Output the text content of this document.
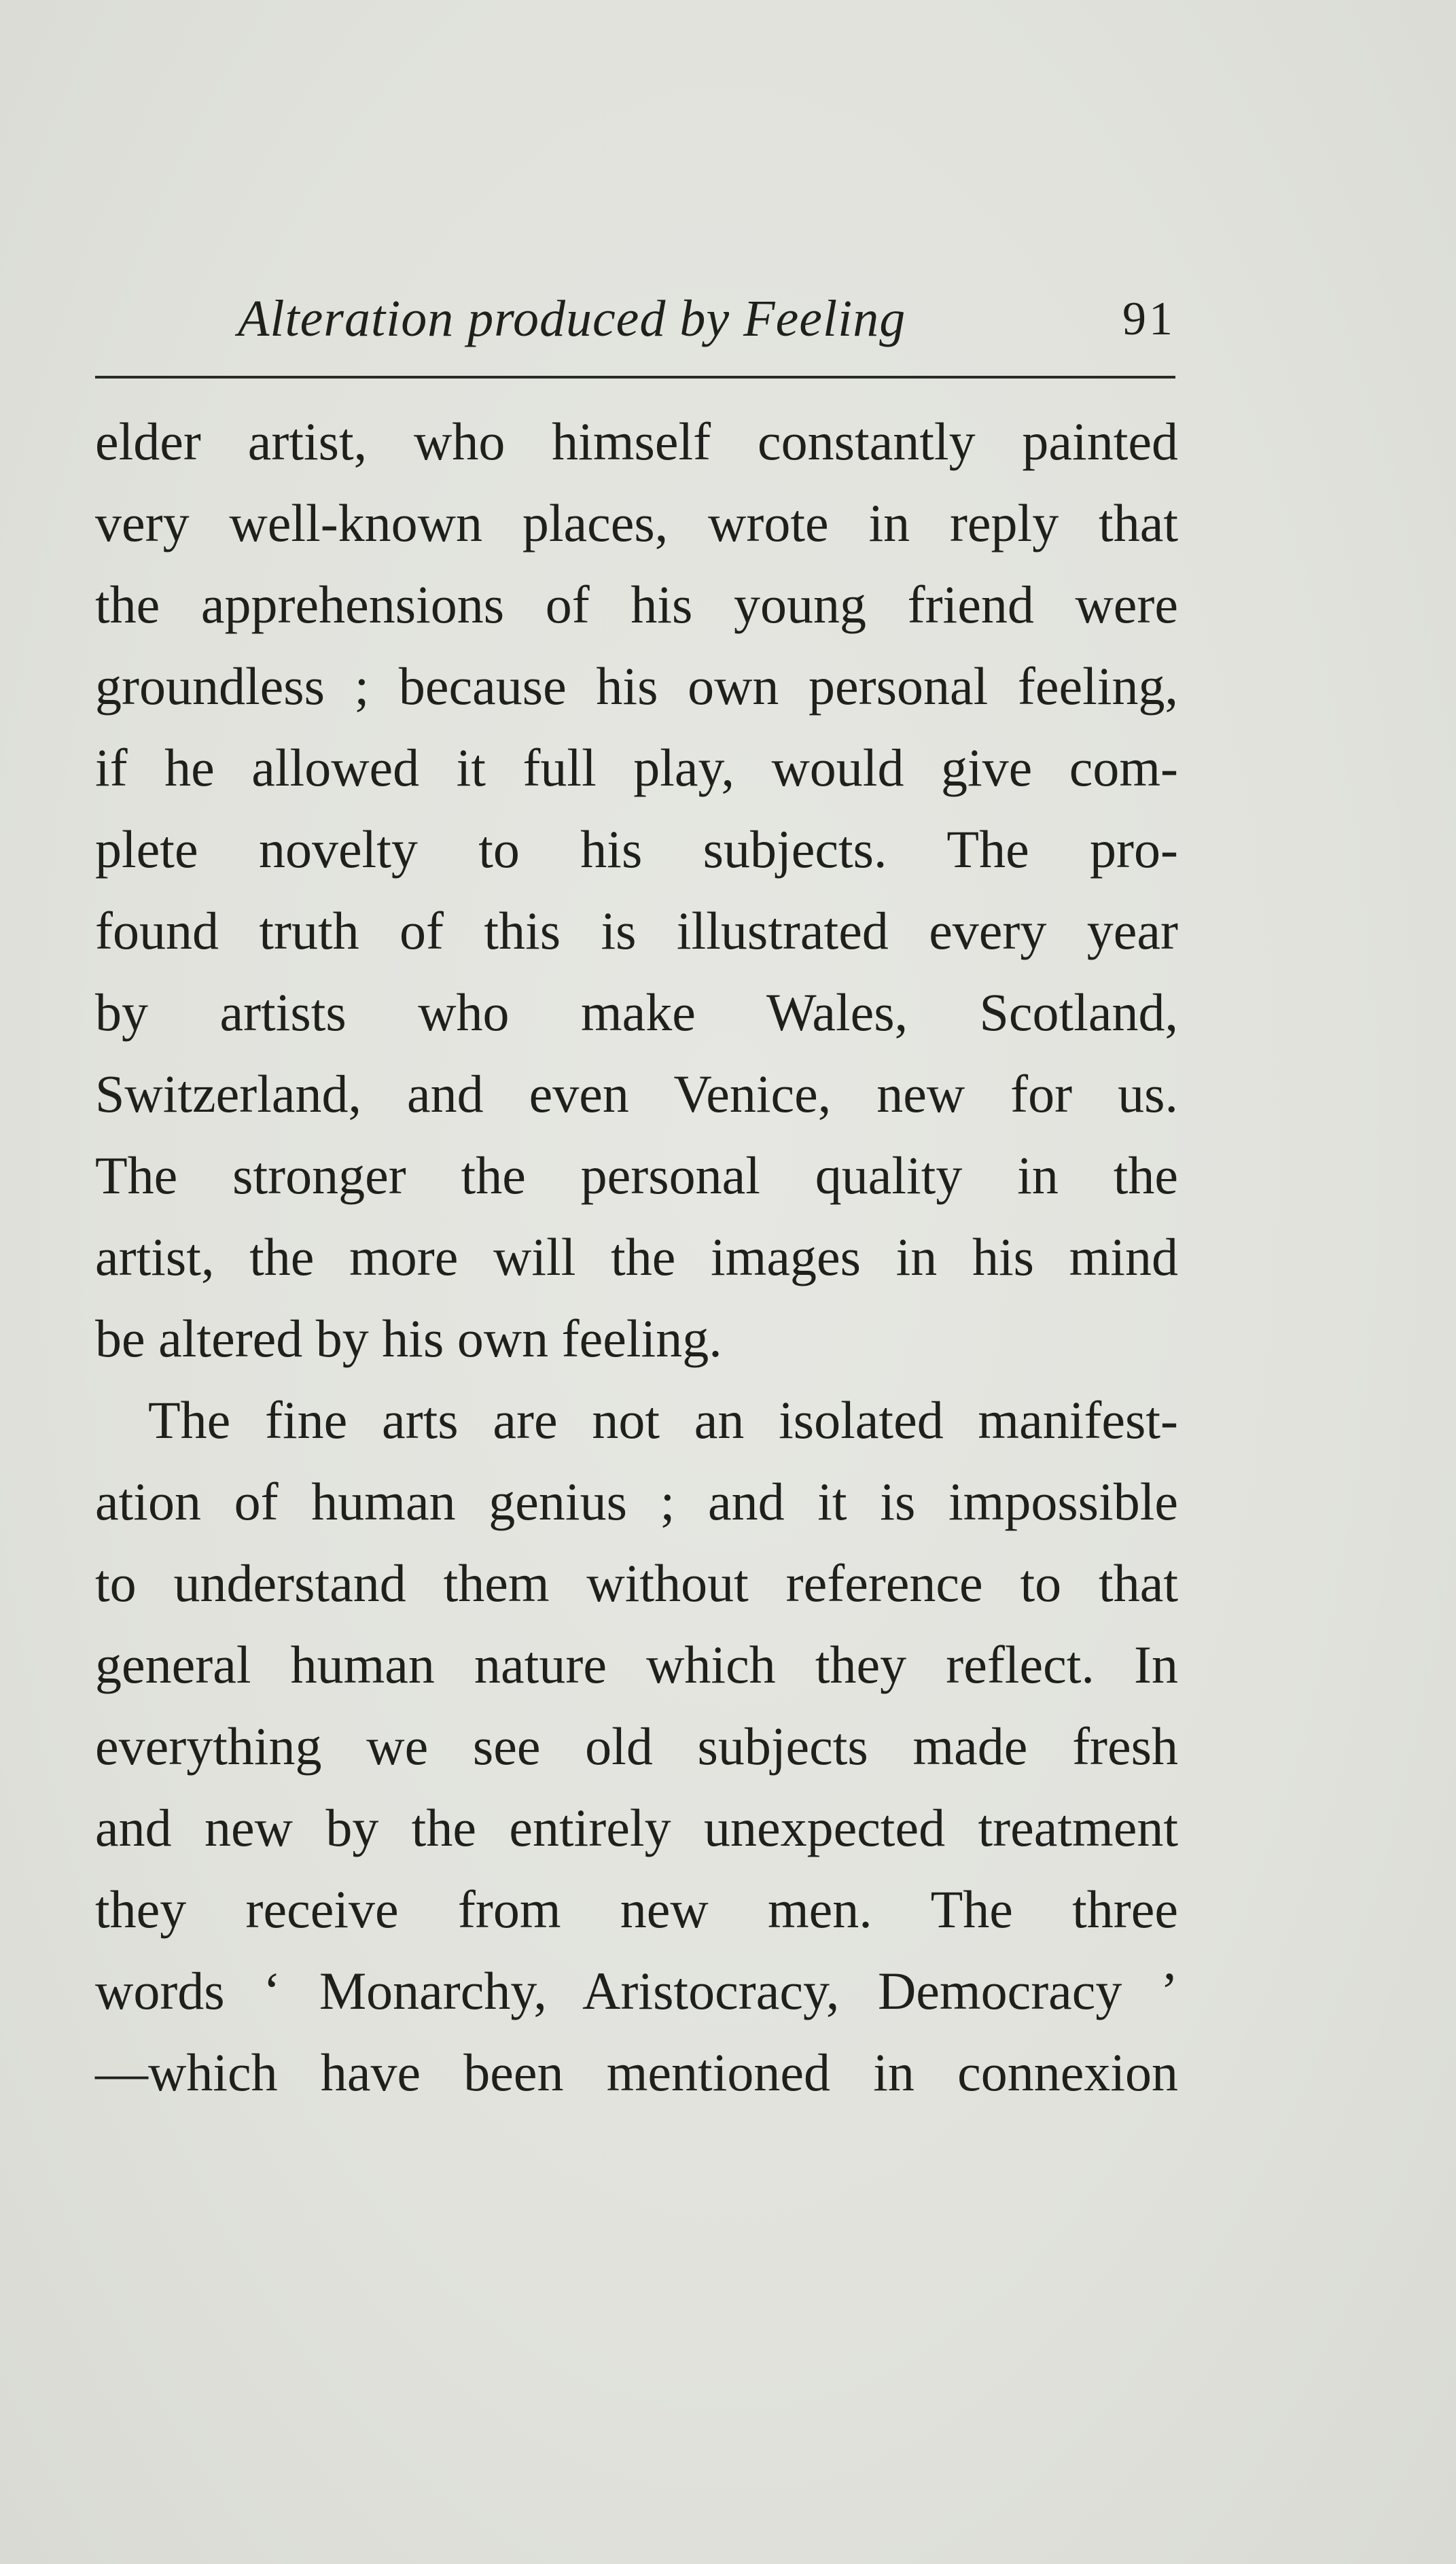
Alteration produced by Feeling	91
elder artist, who himself constantly painted
very well-known places, wrote in reply that
the apprehensions of his young friend were
groundless ; because his own personal feeling,
if he allowed it full play, would give com-
plete novelty to his subjects. The pro-
found truth of this is illustrated every year
by artists who make Wales, Scotland,
Switzerland, and even Venice, new for us.
The stronger the personal quality in the
artist, the more will the images in his mind
be altered by his own feeling.
The fine arts are not an isolated manifest-
ation of human genius ; and it is impossible
to understand them without reference to that
general human nature which they reflect. In
everything we see old subjects made fresh
and new by the entirely unexpected treatment
they receive from new men. The three
words ‘ Monarchy, Aristocracy, Democracy ’
—which have been mentioned in connexion
